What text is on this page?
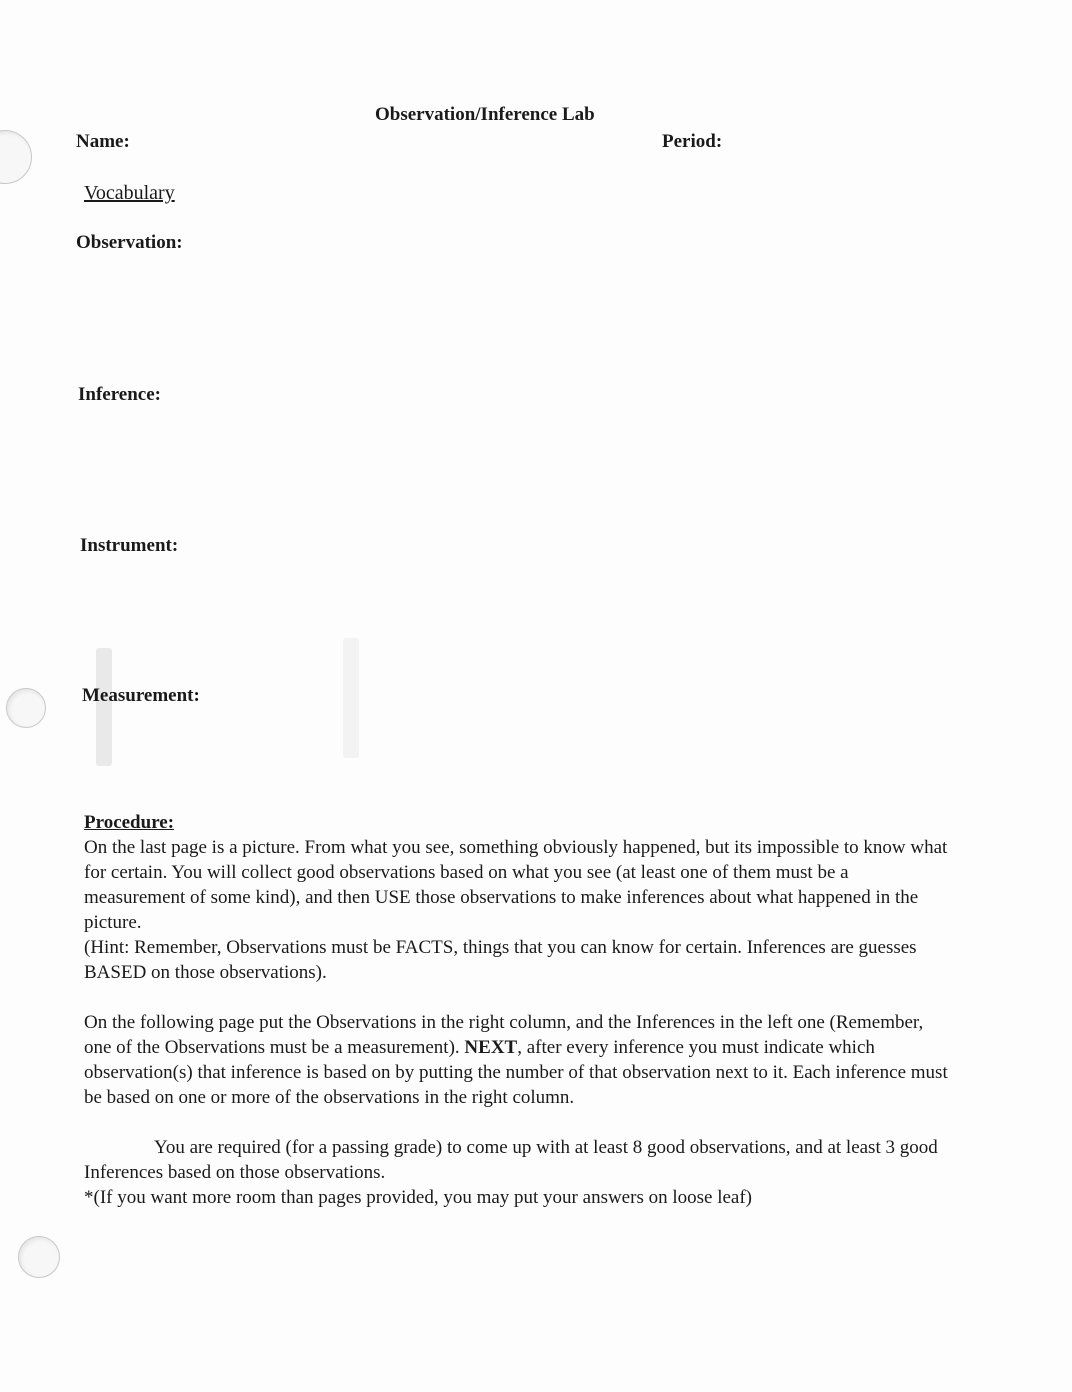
Observation/Inference Lab
Name:	Period:
Vocabulary
Observation:
Inference:
Instrument:
Measurement:
Procedure:

On the last page is a picture. From what you see, something obviously happened, but its impossible to know what for certain. You will collect good observations based on what you see (at least one of them must be a measurement of some kind), and then USE those observations to make inferences about what happened in the picture.

(Hint: Remember, Observations must be FACTS, things that you can know for certain. Inferences are guesses BASED on those observations).

On the following page put the Observations in the right column, and the Inferences in the left one (Remember, one of the Observations must be a measurement). NEXT, after every inference you must indicate which observation(s) that inference is based on by putting the number of that observation next to it. Each inference must be based on one or more of the observations in the right column.

You are required (for a passing grade) to come up with at least 8 good observations, and at least 3 good Inferences based on those observations.

*(If you want more room than pages provided, you may put your answers on loose leaf)
